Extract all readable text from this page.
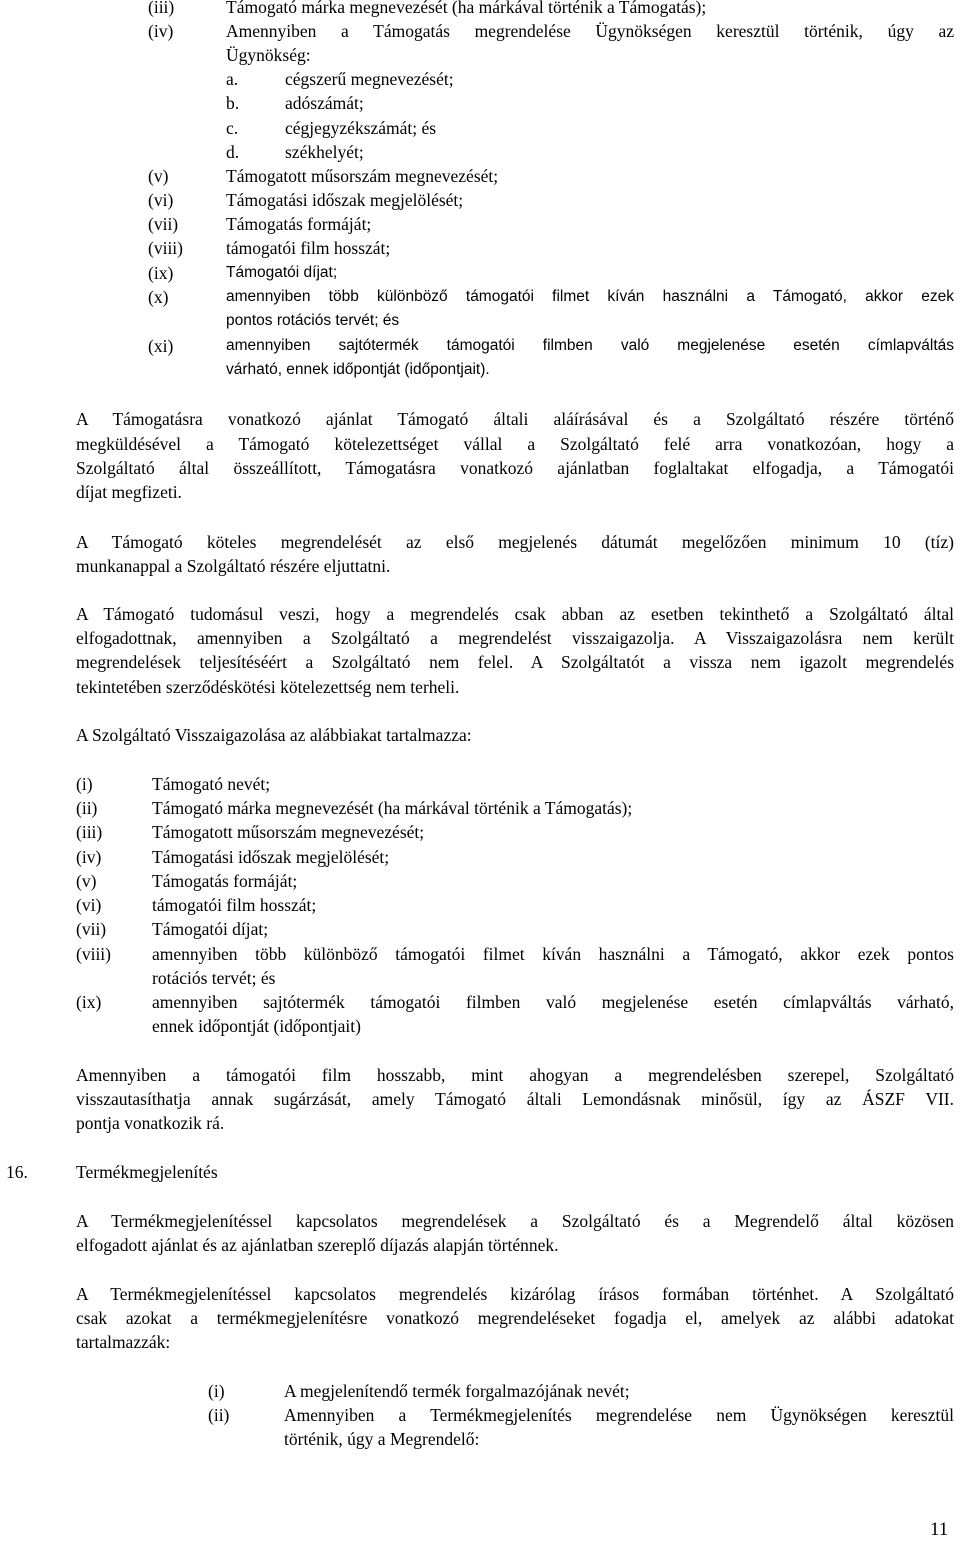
(iii)	Támogató márka megnevezését (ha márkával történik a Támogatás);
(iv)	Amennyiben a Támogatás megrendelése Ügynökségen keresztül történik, úgy az
Ügynökség:
a.	cégszerű megnevezését;
b.	adószámát;
c.	cégjegyzékszámát; és
d.	székhelyét;
(v)	Támogatott műsorszám megnevezését;
(vi)	Támogatási időszak megjelölését;
(vii)	Támogatás formáját;
(viii) támogatói film hosszát;
(ix)	Támogatói díjat;
(x)	amennyiben több különböző támogatói filmet kíván használni a Támogató, akkor ezek
pontos rotációs tervét; és
(xi)	amennyiben sajtótermék támogatói filmben való megjelenése esetén címlapváltás
várható, ennek időpontját (időpontjait).
A Támogatásra vonatkozó ajánlat Támogató általi aláírásával és a Szolgáltató részére történő
megküldésével a Támogató kötelezettséget vállal a Szolgáltató felé arra vonatkozóan, hogy a
Szolgáltató által összeállított, Támogatásra vonatkozó ajánlatban foglaltakat elfogadja, a Támogatói
díjat megfizeti.
A Támogató köteles megrendelését az első megjelenés dátumát megelőzően minimum 10 (tíz)
munkanappal a Szolgáltató részére eljuttatni.
A Támogató tudomásul veszi, hogy a megrendelés csak abban az esetben tekinthető a Szolgáltató által
elfogadottnak, amennyiben a Szolgáltató a megrendelést visszaigazolja. A Visszaigazolásra nem került
megrendelések teljesítéséért a Szolgáltató nem felel. A Szolgáltatót a vissza nem igazolt megrendelés
tekintetében szerződéskötési kötelezettség nem terheli.
A Szolgáltató Visszaigazolása az alábbiakat tartalmazza:
(i)	Támogató nevét;
(ii)	Támogató márka megnevezését (ha márkával történik a Támogatás);
(iii)	Támogatott műsorszám megnevezését;
(iv)	Támogatási időszak megjelölését;
(v)	Támogatás formáját;
(vi)	támogatói film hosszát;
(vii)	Támogatói díjat;
(viii) amennyiben több különböző támogatói filmet kíván használni a Támogató, akkor ezek pontos
rotációs tervét; és
(ix)	amennyiben sajtótermék támogatói filmben való megjelenése esetén címlapváltás várható,
ennek időpontját (időpontjait)
Amennyiben a támogatói film hosszabb, mint ahogyan a megrendelésben szerepel, Szolgáltató
visszautasíthatja annak sugárzását, amely Támogató általi Lemondásnak minősül, így az ÁSZF VII.
pontja vonatkozik rá.
16.	Termékmegjelenítés
A Termékmegjelenítéssel kapcsolatos megrendelések a Szolgáltató és a Megrendelő által közösen
elfogadott ajánlat és az ajánlatban szereplő díjazás alapján történnek.
A Termékmegjelenítéssel kapcsolatos megrendelés kizárólag írásos formában történhet. A Szolgáltató
csak azokat a termékmegjelenítésre vonatkozó megrendeléseket fogadja el, amelyek az alábbi adatokat
tartalmazzák:
(i)	A megjelenítendő termék forgalmazójának nevét;
(ii)	Amennyiben a Termékmegjelenítés megrendelése nem Ügynökségen keresztül
történik, úgy a Megrendelő:
11
